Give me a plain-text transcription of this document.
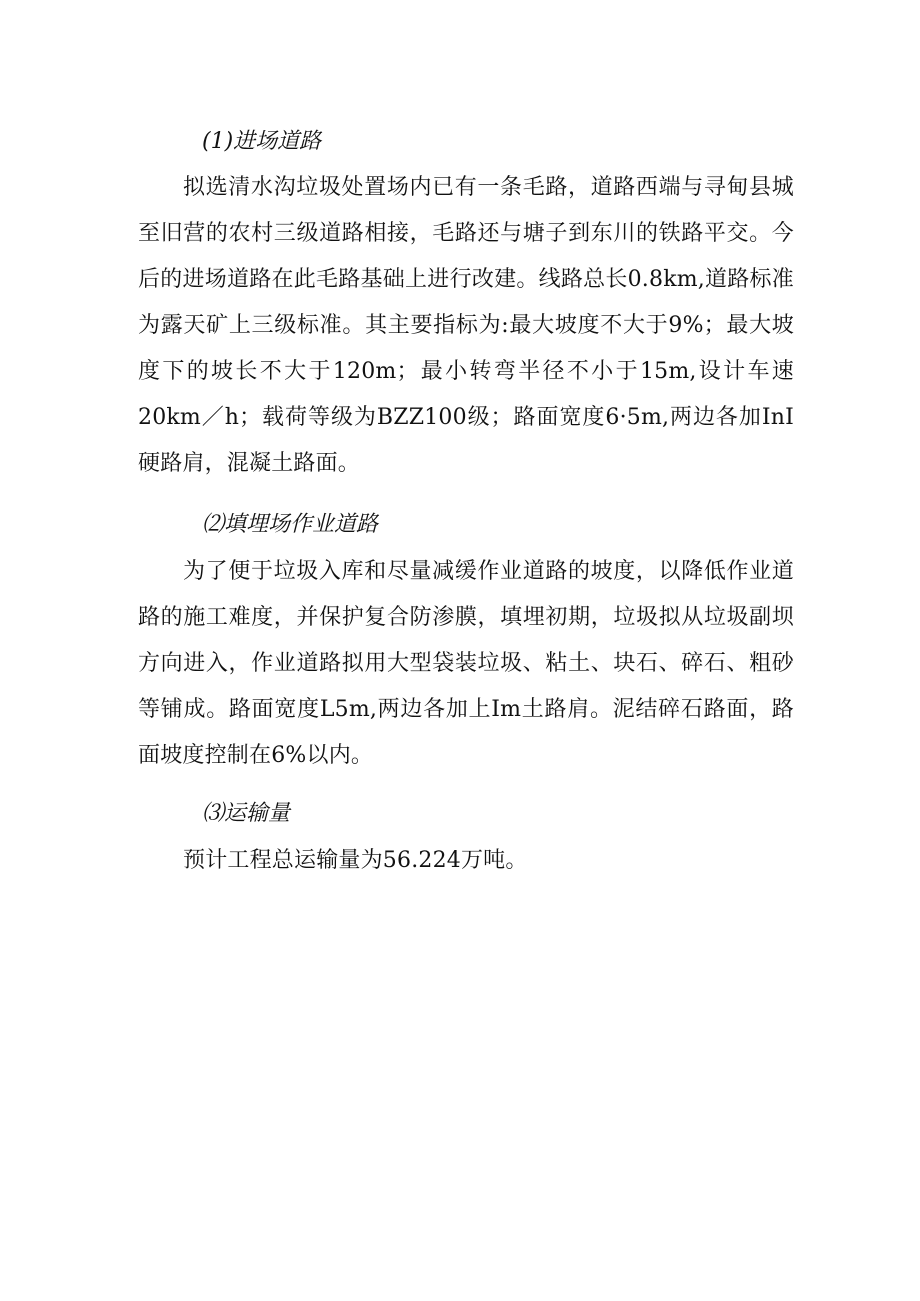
(1)进场道路
拟选清水沟垃圾处置场内已有一条毛路，道路西端与寻甸县城至旧营的农村三级道路相接，毛路还与塘子到东川的铁路平交。今后的进场道路在此毛路基础上进行改建。线路总长0.8km,道路标准为露天矿上三级标准。其主要指标为:最大坡度不大于9%；最大坡度下的坡长不大于120m；最小转弯半径不小于15m,设计车速20km／h；载荷等级为BZZ100级；路面宽度6·5m,两边各加InI硬路肩，混凝土路面。
⑵填埋场作业道路
为了便于垃圾入库和尽量减缓作业道路的坡度，以降低作业道路的施工难度，并保护复合防渗膜，填埋初期，垃圾拟从垃圾副坝方向进入，作业道路拟用大型袋装垃圾、粘土、块石、碎石、粗砂等铺成。路面宽度L5m,两边各加上Im土路肩。泥结碎石路面，路面坡度控制在6%以内。
⑶运输量
预计工程总运输量为56.224万吨。
